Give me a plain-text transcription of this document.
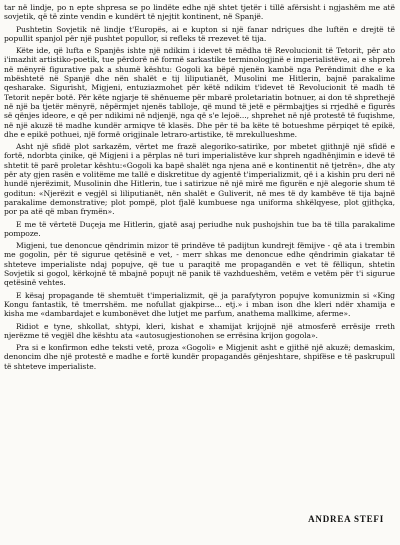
tar në lindje, po n epte shpresa se po lindëte edhe një shtet tjetër i tillë afërsisht i ngjashëm me atë sovjetik, që të zinte vendin e kundërt të njejtit kontinent, në Spanjë.

Pushtetin Sovjetik në lindje t'Europës, ai e kupton si një fanar ndriçues dhe luftën e drejtë të popullit spanjol për një pushtet popullor, si refleks të rrezevet të tija.

Këte ide, që lufta e Spanjës ishte një ndikim i idevet të mëdha të Revolucionit të Tetorit, për ato i'imazhit artistiko-poetik, tue përdorë në formë sarkastike terminologjinë e imperialistëve, ai e shpreh në mënyrë figurative pak a shumë kështu: Gogoli ka bëpë njenën kambë nga Perëndimit dhe e ka mbështetë në Spanjë dhe nën shalët e tij liliputianët, Musolini me Hitlerin, bajnë parakalime qesharake. Sigurisht, Migjeni, entuziazmohet për këtë ndikim t'idevet të Revolucionit të madh të Tetorit nepër botë. Për këte ngjarje të shënueme për mbarë proletariatin botnuer, ai don të shprethejë në një ba tjetër mënyrë, nëpërmjet njenës tablloje, që mund të jetë e përmbajtjes si rrjedhë e figurës së qënjes ideore, e që per ndikimi në ndjenjë, nga që s'e lejoë..., shprehet në një protestë të fuqishme, në një akuzë të madhe kundër armiqve të klasës. Dhe për të ba këte të botueshme përpiqet të epikë, dhe e epikë pothuei, një formë origjinale letraro-artistike, të mrekullueshme.

Asht një sfidë plot sarkazëm, vërtet me frazë alegoriko-satirike, por mbetet gjithnjë një sfidë e fortë, ndorbta çinike, që Migjeni i a përplas në turi imperialistëve kur shpreh ngadhënjimin e idevë të shtetit të parë proletar kështu:«Gogoli ka bapë shalët nga njena anë e kontinentit në tjetrën», dhe aty për aty gjen rasën e volitëme me tallë e diskretitue dy agjentë t'imperializmit, që i a kishin pru deri në hundë njerëzimit, Musolinin dhe Hitlerin, tue i satirizue në një mirë me figurën e një alegorie shum të goditun: «Njerëzit e vegjël si liliputianët, nën shalët e Guliverit, në mes të dy kambëve të tija bajnë parakalime demonstrative; plot pompë, plot fjalë kumbuese nga uniforma shkëlqyese, plot gjithçka, por pa atë që mban frymën».

E me të vërtetë Duçeja me Hitlerin, gjatë asaj periudhe nuk pushojshin tue ba të tilla parakalime pompoze.

Migjeni, tue denoncue qëndrimin mizor të prindëve të padijtun kundrejt fëmijve - që ata i trembin me gogolin, për të sigurue qetësinë e vet, - merr shkas me denoncue edhe qëndrimin giakatar të shteteve imperialiste ndaj popujve, që tue u paraqitë me propagandën e vet të fëlliqun, shtetin Sovjetik si gogol, kërkojnë të mbajnë popujt në panik të vazhdueshëm, vetëm e vetëm për t'i sigurue qetësinë vehtes.

E kësaj propagande të shemtuët t'imperializmit, që ja parafytyron popujve komunizmin si «King Kongu fantastik, të tmerrshëm. me nofullat gjakpirse... etj.» i mban ison dhe kleri ndër xhamija e kisha me «dambardajet e kumbonëvet dhe lutjet me parfum, anathema mallkime, aferme».

Ridiot e tyne, shkollat, shtypi, kleri, kishat e xhamijat krijojnë një atmosferë errësije rreth njerëzme të vegjël dhe kështu ata «autosugjestionohen se errësina krijon gogola».

Pra si e konfirmon edhe teksti vetë, proza «Gogoli» e Migjenit asht e gjithë një akuzë; demaskim, denoncim dhe një protestë e madhe e fortë kundër propagandës gënjeshtare, shpifëse e të paskrupull të shteteve imperialiste.

ANDREA STEFI
